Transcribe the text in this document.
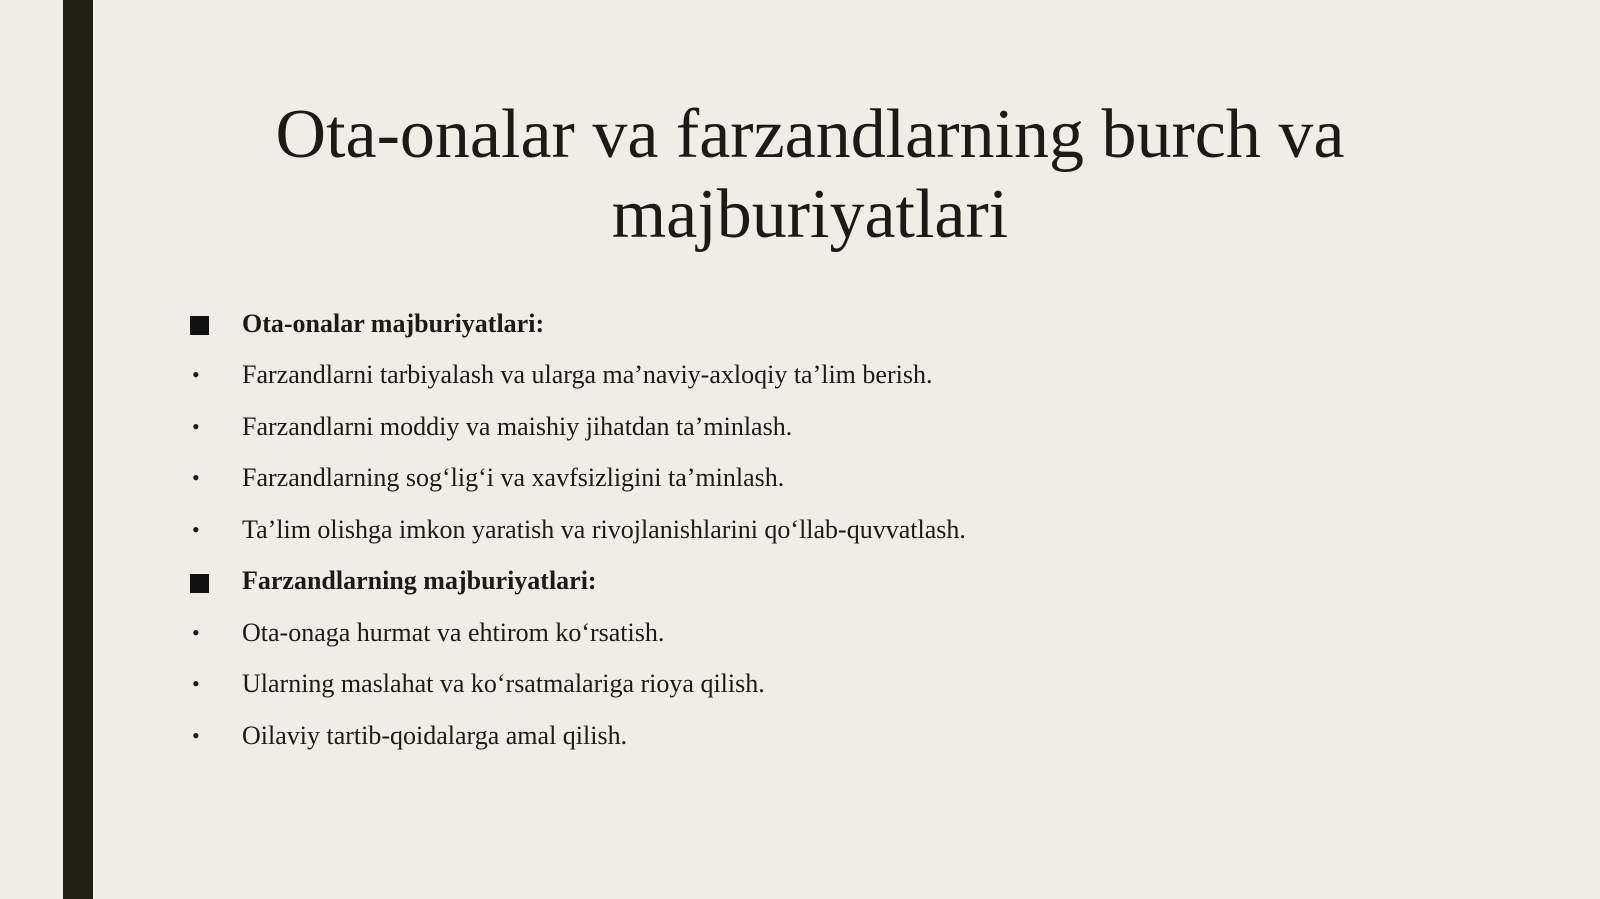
Ota-onalar va farzandlarning burch va majburiyatlari
Ota-onalar majburiyatlari:
•	Farzandlarni tarbiyalash va ularga ma’naviy-axloqiy ta’lim berish.
•	Farzandlarni moddiy va maishiy jihatdan ta’minlash.
•	Farzandlarning sog‘lig‘i va xavfsizligini ta’minlash.
•	Ta’lim olishga imkon yaratish va rivojlanishlarini qo‘llab-quvvatlash.
Farzandlarning majburiyatlari:
•	Ota-onaga hurmat va ehtirom ko‘rsatish.
•	Ularning maslahat va ko‘rsatmalariga rioya qilish.
•	Oilaviy tartib-qoidalarga amal qilish.
